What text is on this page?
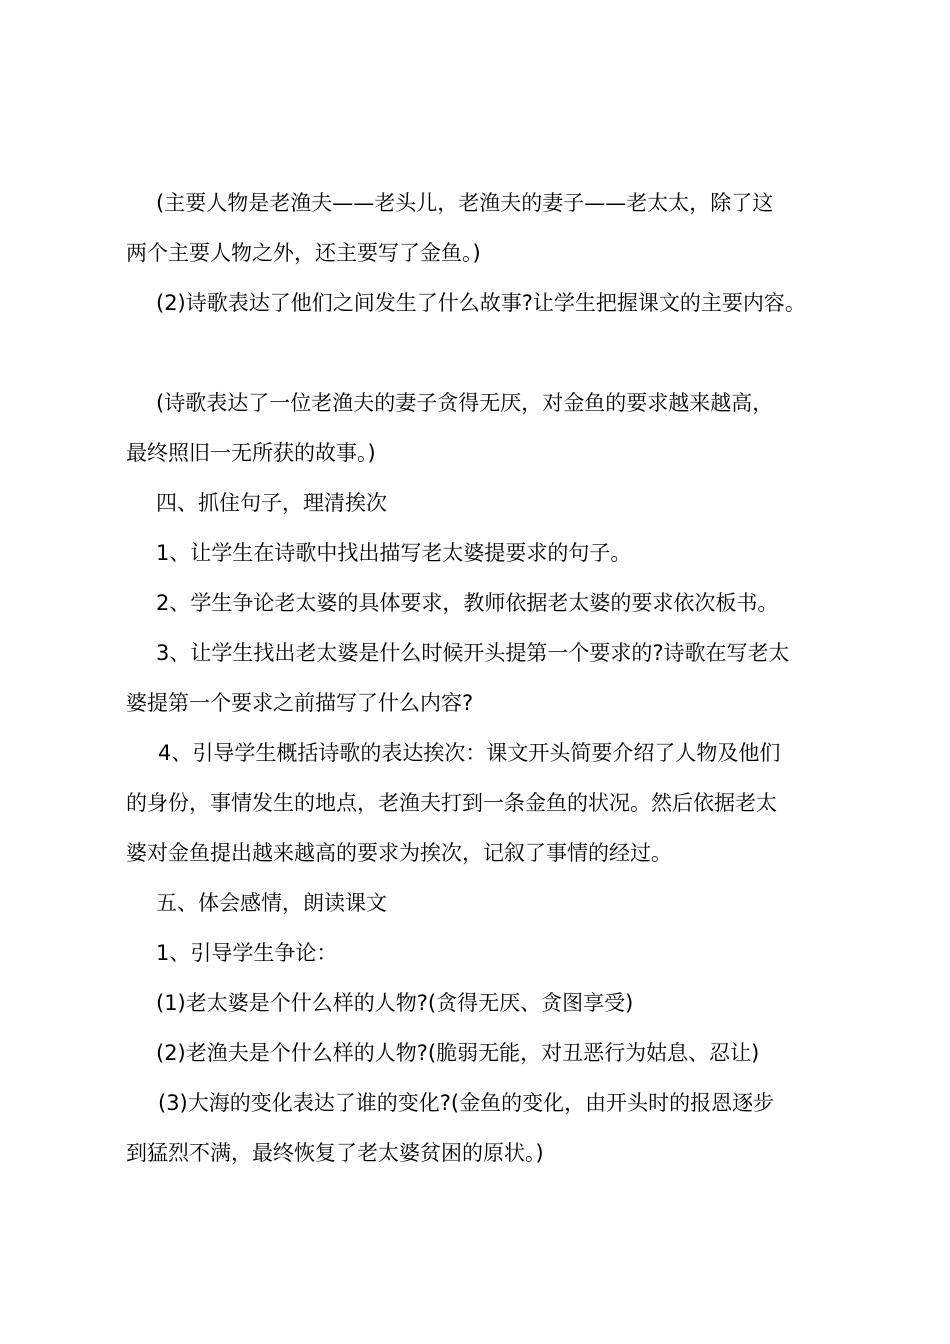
(主要人物是老渔夫——老头儿，老渔夫的妻子——老太太，除了这
两个主要人物之外，还主要写了金鱼。)
(2)诗歌表达了他们之间发生了什么故事?让学生把握课文的主要内容。
(诗歌表达了一位老渔夫的妻子贪得无厌，对金鱼的要求越来越高，
最终照旧一无所获的故事。)
四、抓住句子，理清挨次
1、让学生在诗歌中找出描写老太婆提要求的句子。
2、学生争论老太婆的具体要求，教师依据老太婆的要求依次板书。
3、让学生找出老太婆是什么时候开头提第一个要求的?诗歌在写老太
婆提第一个要求之前描写了什么内容?
4、引导学生概括诗歌的表达挨次：课文开头简要介绍了人物及他们
的身份，事情发生的地点，老渔夫打到一条金鱼的状况。然后依据老太
婆对金鱼提出越来越高的要求为挨次，记叙了事情的经过。
五、体会感情，朗读课文
1、引导学生争论：
(1)老太婆是个什么样的人物?(贪得无厌、贪图享受)
(2)老渔夫是个什么样的人物?(脆弱无能，对丑恶行为姑息、忍让)
(3)大海的变化表达了谁的变化?(金鱼的变化，由开头时的报恩逐步
到猛烈不满，最终恢复了老太婆贫困的原状。)
